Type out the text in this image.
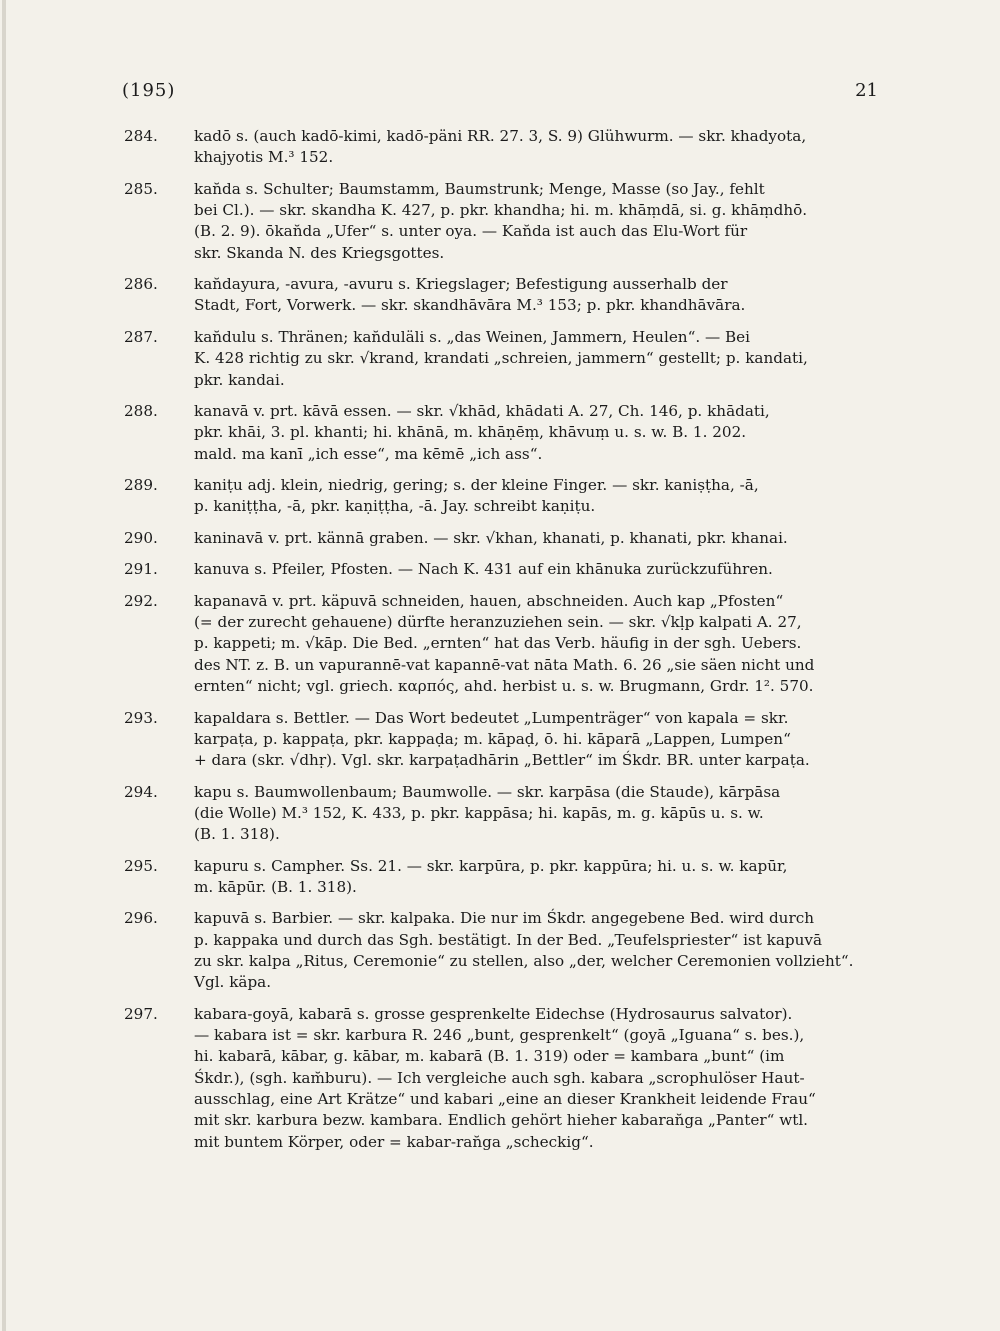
(195)	21
284.	kadō s. (auch kadō-kimi, kadō-päni RR. 27. 3, S. 9) Glühwurm. — skr. khadyota,
khajyotis M.³ 152.
285.	kan̆da s. Schulter; Baumstamm, Baumstrunk; Menge, Masse (so Jay., fehlt
bei Cl.). — skr. skandha K. 427, p. pkr. khandha; hi. m. khāṃdā, si. g. khāṃdhō.
(B. 2. 9). ōkan̆da „Ufer“ s. unter oya. — Kan̆da ist auch das Elu-Wort für
skr. Skanda N. des Kriegsgottes.
286.	kan̆dayura, -avura, -avuru s. Kriegslager; Befestigung ausserhalb der
Stadt, Fort, Vorwerk. — skr. skandhāvāra M.³ 153; p. pkr. khandhāvāra.
287.	kan̆dulu s. Thränen; kan̆duläli s. „das Weinen, Jammern, Heulen“. — Bei
K. 428 richtig zu skr. √krand, krandati „schreien, jammern“ gestellt; p. kandati,
pkr. kandai.
288.	kanavā v. prt. kāvā essen. — skr. √khād, khādati A. 27, Ch. 146, p. khādati,
pkr. khāi, 3. pl. khanti; hi. khānā, m. khāṇēṃ, khāvuṃ u. s. w. B. 1. 202.
mald. ma kanī „ich esse“, ma kēmē „ich ass“.
289.	kaniṭu adj. klein, niedrig, gering; s. der kleine Finger. — skr. kaniṣṭha, -ā,
p. kaniṭṭha, -ā, pkr. kaṇiṭṭha, -ā. Jay. schreibt kaṇiṭu.
290.	kaninavā v. prt. kännā graben. — skr. √khan, khanati, p. khanati, pkr. khanai.
291.	kanuva s. Pfeiler, Pfosten. — Nach K. 431 auf ein khānuka zurückzuführen.
292.	kapanavā v. prt. käpuvā schneiden, hauen, abschneiden. Auch kap „Pfosten“
(= der zurecht gehauene) dürfte heranzuziehen sein. — skr. √kḷp kalpati A. 27,
p. kappeti; m. √kāp. Die Bed. „ernten“ hat das Verb. häufig in der sgh. Uebers.
des NT. z. B. un vapurannē-vat kapannē-vat nāta Math. 6. 26 „sie säen nicht und
ernten“ nicht; vgl. griech. καρπός, ahd. herbist u. s. w. Brugmann, Grdr. 1². 570.
293.	kapaldara s. Bettler. — Das Wort bedeutet „Lumpenträger“ von kapala = skr.
karpaṭa, p. kappaṭa, pkr. kappaḍa; m. kāpaḍ, ō. hi. kāparā „Lappen, Lumpen“
+ dara (skr. √dhṛ). Vgl. skr. karpaṭadhārin „Bettler“ im Śkdr. BR. unter karpaṭa.
294.	kapu s. Baumwollenbaum; Baumwolle. — skr. karpāsa (die Staude), kārpāsa
(die Wolle) M.³ 152, K. 433, p. pkr. kappāsa; hi. kapās, m. g. kāpūs u. s. w.
(B. 1. 318).
295.	kapuru s. Campher. Ss. 21. — skr. karpūra, p. pkr. kappūra; hi. u. s. w. kapūr,
m. kāpūr. (B. 1. 318).
296.	kapuvā s. Barbier. — skr. kalpaka. Die nur im Śkdr. angegebene Bed. wird durch
p. kappaka und durch das Sgh. bestätigt. In der Bed. „Teufelspriester“ ist kapuvā
zu skr. kalpa „Ritus, Ceremonie“ zu stellen, also „der, welcher Ceremonien vollzieht“.
Vgl. käpa.
297.	kabara-goyā, kabarā s. grosse gesprenkelte Eidechse (Hydrosaurus salvator).
— kabara ist = skr. karbura R. 246 „bunt, gesprenkelt“ (goyā „Iguana“ s. bes.),
hi. kabarā, kābar, g. kābar, m. kabarā (B. 1. 319) oder = kambara „bunt“ (im
Śkdr.), (sgh. kam̆buru). — Ich vergleiche auch sgh. kabara „scrophulöser Haut-
ausschlag, eine Art Krätze“ und kabari „eine an dieser Krankheit leidende Frau“
mit skr. karbura bezw. kambara. Endlich gehört hieher kabaran̆ga „Panter“ wtl.
mit buntem Körper, oder = kabar-ran̆ga „scheckig“.
